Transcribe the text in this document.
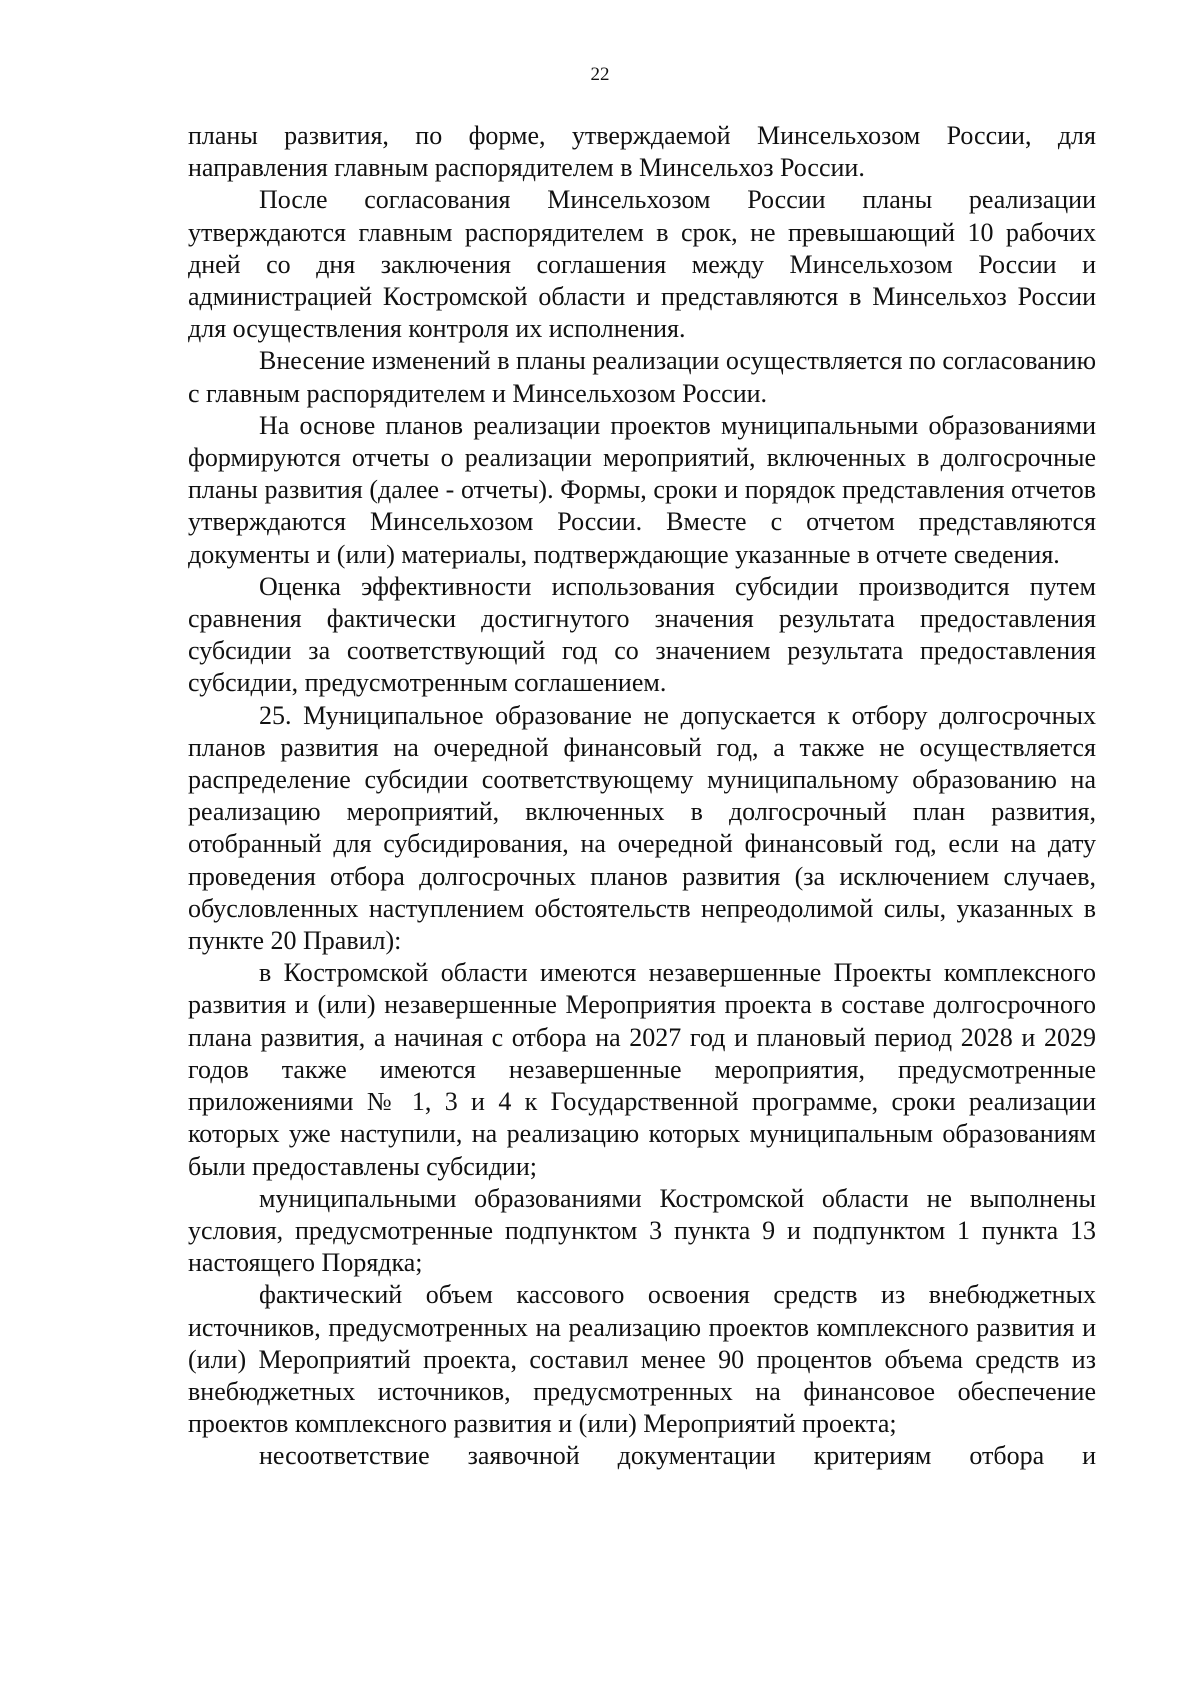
22

планы развития, по форме, утверждаемой Минсельхозом России, для направления главным распорядителем в Минсельхоз России.

После согласования Минсельхозом России планы реализации утверждаются главным распорядителем в срок, не превышающий 10 рабочих дней со дня заключения соглашения между Минсельхозом России и администрацией Костромской области и представляются в Минсельхоз России для осуществления контроля их исполнения.

Внесение изменений в планы реализации осуществляется по согласованию с главным распорядителем и Минсельхозом России.

На основе планов реализации проектов муниципальными образованиями формируются отчеты о реализации мероприятий, включенных в долгосрочные планы развития (далее - отчеты). Формы, сроки и порядок представления отчетов утверждаются Минсельхозом России. Вместе с отчетом представляются документы и (или) материалы, подтверждающие указанные в отчете сведения.

Оценка эффективности использования субсидии производится путем сравнения фактически достигнутого значения результата предоставления субсидии за соответствующий год со значением результата предоставления субсидии, предусмотренным соглашением.

25. Муниципальное образование не допускается к отбору долгосрочных планов развития на очередной финансовый год, а также не осуществляется распределение субсидии соответствующему муниципальному образованию на реализацию мероприятий, включенных в долгосрочный план развития, отобранный для субсидирования, на очередной финансовый год, если на дату проведения отбора долгосрочных планов развития (за исключением случаев, обусловленных наступлением обстоятельств непреодолимой силы, указанных в пункте 20 Правил):

в Костромской области имеются незавершенные Проекты комплексного развития и (или) незавершенные Мероприятия проекта в составе долгосрочного плана развития, а начиная с отбора на 2027 год и плановый период 2028 и 2029 годов также имеются незавершенные мероприятия, предусмотренные приложениями № 1, 3 и 4 к Государственной программе, сроки реализации которых уже наступили, на реализацию которых муниципальным образованиям были предоставлены субсидии;

муниципальными образованиями Костромской области не выполнены условия, предусмотренные подпунктом 3 пункта 9 и подпунктом 1 пункта 13 настоящего Порядка;

фактический объем кассового освоения средств из внебюджетных источников, предусмотренных на реализацию проектов комплексного развития и (или) Мероприятий проекта, составил менее 90 процентов объема средств из внебюджетных источников, предусмотренных на финансовое обеспечение проектов комплексного развития и (или) Мероприятий проекта;

несоответствие заявочной документации критериям отбора и
